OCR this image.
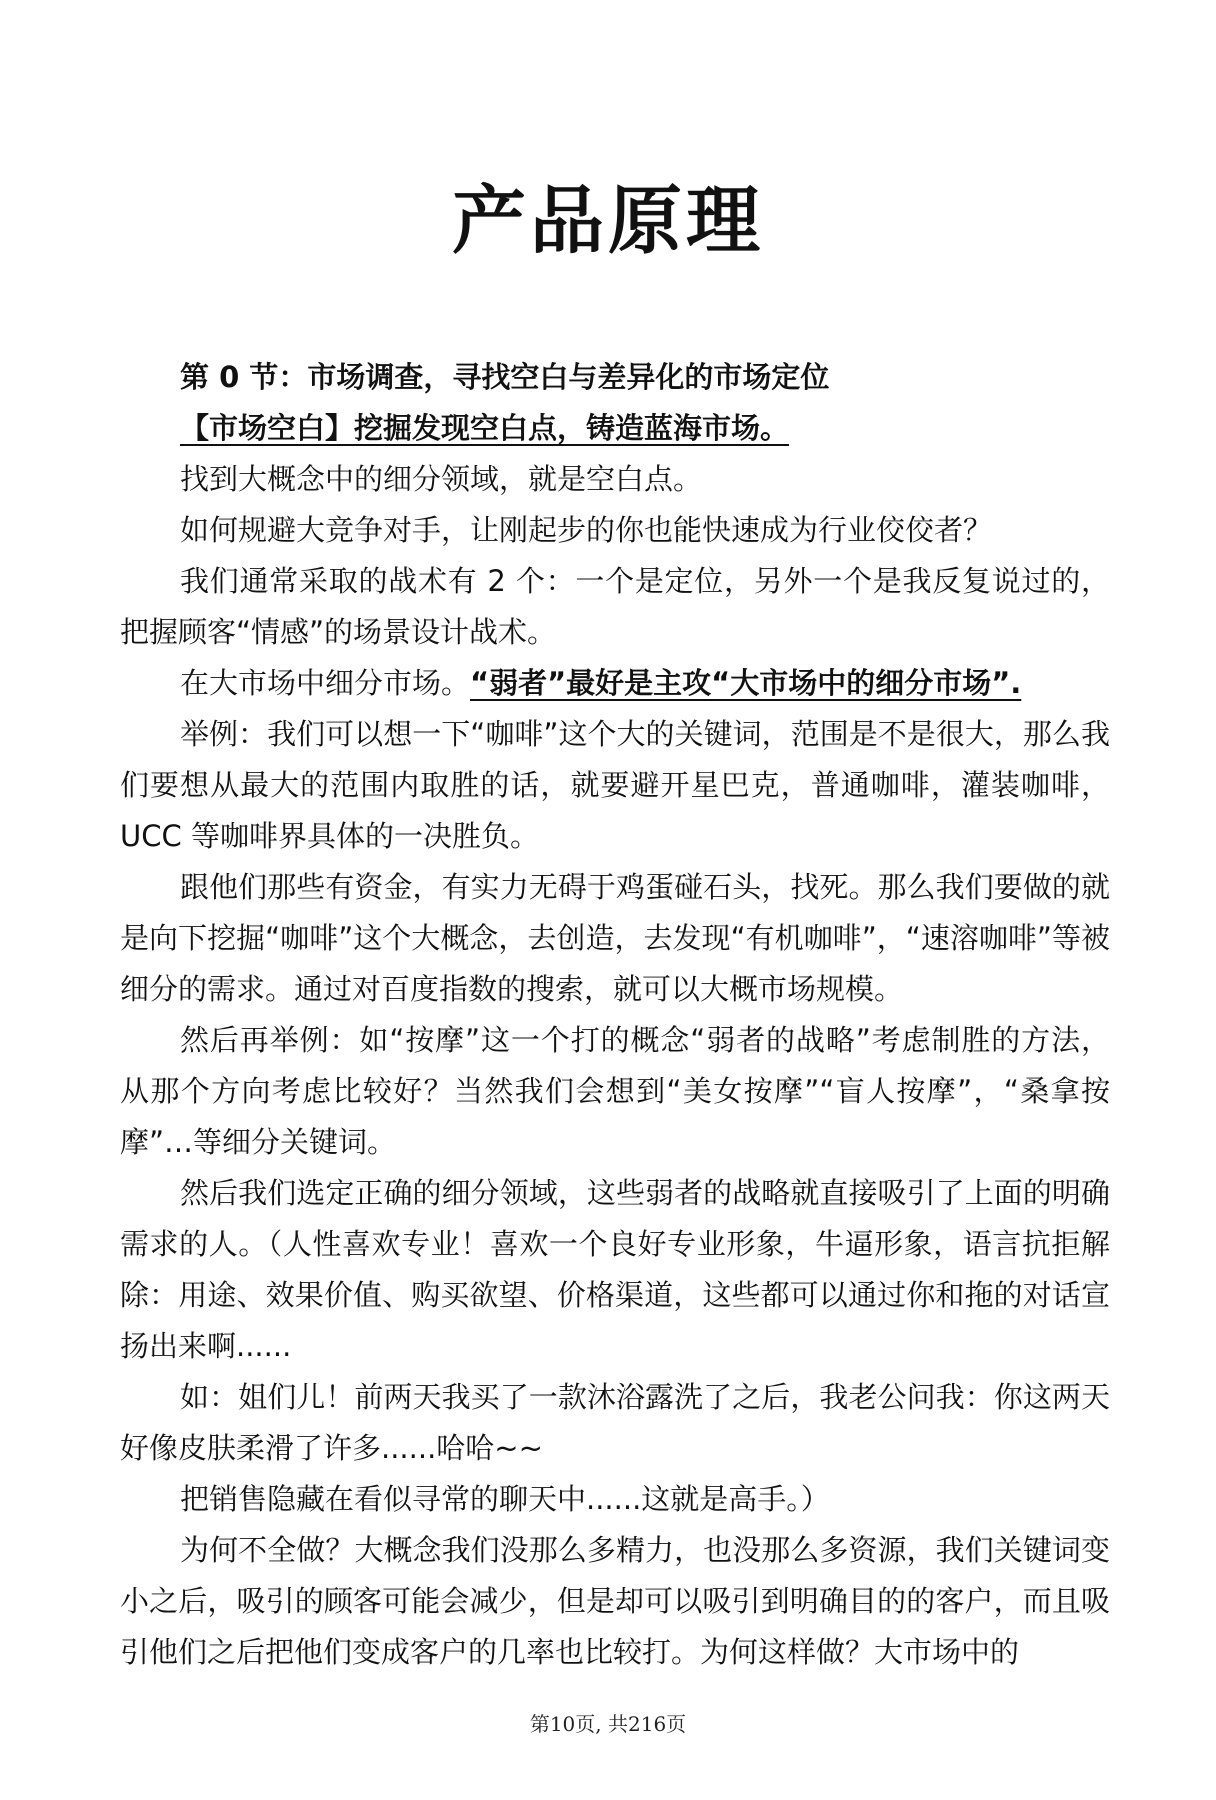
产品原理

第 0 节：市场调查，寻找空白与差异化的市场定位

【市场空白】挖掘发现空白点，铸造蓝海市场。

找到大概念中的细分领域，就是空白点。

如何规避大竞争对手，让刚起步的你也能快速成为行业佼佼者？

我们通常采取的战术有 2 个：一个是定位，另外一个是我反复说过的，把握顾客“情感”的场景设计战术。

在大市场中细分市场。“弱者”最好是主攻“大市场中的细分市场”.

举例：我们可以想一下“咖啡”这个大的关键词，范围是不是很大，那么我们要想从最大的范围内取胜的话，就要避开星巴克，普通咖啡，灌装咖啡，UCC 等咖啡界具体的一决胜负。

跟他们那些有资金，有实力无碍于鸡蛋碰石头，找死。那么我们要做的就是向下挖掘“咖啡”这个大概念，去创造，去发现“有机咖啡”，“速溶咖啡”等被细分的需求。通过对百度指数的搜索，就可以大概市场规模。

然后再举例：如“按摩”这一个打的概念“弱者的战略”考虑制胜的方法，从那个方向考虑比较好？当然我们会想到“美女按摩”“盲人按摩”，“桑拿按摩”…等细分关键词。

然后我们选定正确的细分领域，这些弱者的战略就直接吸引了上面的明确需求的人。（人性喜欢专业！喜欢一个良好专业形象，牛逼形象，语言抗拒解除：用途、效果价值、购买欲望、价格渠道，这些都可以通过你和拖的对话宣扬出来啊......

如：姐们儿！前两天我买了一款沐浴露洗了之后，我老公问我：你这两天好像皮肤柔滑了许多......哈哈~~

把销售隐藏在看似寻常的聊天中......这就是高手。）

为何不全做？大概念我们没那么多精力，也没那么多资源，我们关键词变小之后，吸引的顾客可能会减少，但是却可以吸引到明确目的的客户，而且吸引他们之后把他们变成客户的几率也比较打。为何这样做？大市场中的

第10页, 共216页
